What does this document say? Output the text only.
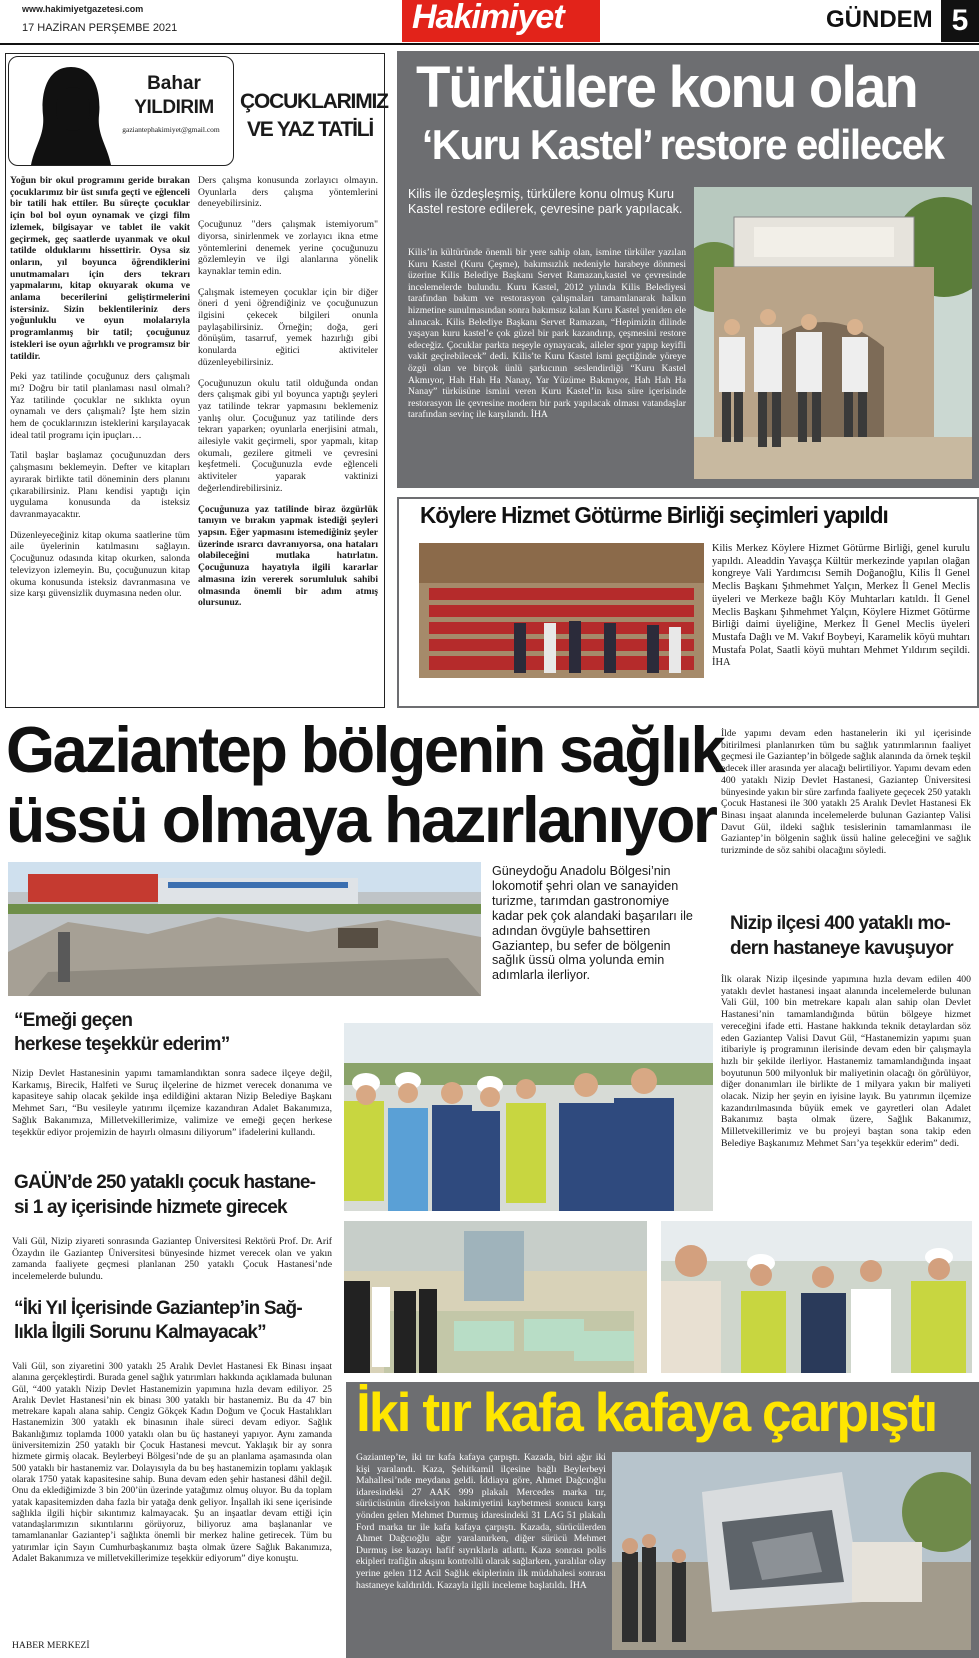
www.hakimiyetgazetesi.com
17 HAZİRAN PERŞEMBE 2021	Hakimiyet	GÜNDEM 5
Bahar
YILDIRIM
gaziantephakimiyet@gmail.com
ÇOCUKLARIMIZ
VE YAZ TATİLİ

Yoğun bir okul programını geride bırakan çocuklarımız bir üst sınıfa geçti ve eğlenceli bir tatili hak ettiler. Bu süreçte çocuklar için bol bol oyun oynamak ve çizgi film izlemek, bilgisayar ve tablet ile vakit geçirmek, geç saatlerde uyanmak ve okul tatilde olduklarını hissettirir. Oysa siz onların, yıl boyunca öğrendiklerini unutmamaları için ders tekrarı yapmalarını, kitap okuyarak okuma ve anlama becerilerini geliştirmelerini istersiniz. Sizin beklentileriniz ders yoğunluklu ve oyun molalarıyla programlanmış bir tatil; çocuğunuz istekleri ise oyun ağırlıklı ve programsız bir tatildir.

Peki yaz tatilinde çocuğunuz ders çalışmalı mı? Doğru bir tatil planlaması nasıl olmalı? Yaz tatilinde çocuklar ne sıklıkta oyun oynamalı ve ders çalışmalı? İşte hem sizin hem de çocuklarınızın isteklerini karşılayacak ideal tatil programı için ipuçları…

Tatil başlar başlamaz çocuğunuzdan ders çalışmasını beklemeyin. Defter ve kitapları ayırarak birlikte tatil döneminin ders planını çıkarabilirsiniz. Planı kendisi yaptığı için uygulama konusunda da isteksiz davranmayacaktır.

Düzenleyeceğiniz kitap okuma saatlerine tüm aile üyelerinin katılmasını sağlayın. Çocuğunuz odasında kitap okurken, salonda televizyon izlemeyin. Bu, çocuğunuzun kitap okuma konusunda isteksiz davranmasına ve size karşı güvensizlik duymasına neden olur.

Ders çalışma konusunda zorlayıcı olmayın. Oyunlarla ders çalışma yöntemlerini deneyebilirsiniz.

Çocuğunuz "ders çalışmak istemiyorum" diyorsa, sinirlenmek ve zorlayıcı ikna etme yöntemlerini denemek yerine çocuğunuzu gözlemleyin ve ilgi alanlarına yönelik kaynaklar temin edin.

Çalışmak istemeyen çocuklar için bir diğer öneri d yeni öğrendiğiniz ve çocuğunuzun ilgisini çekecek bilgileri onunla paylaşabilirsiniz. Örneğin; doğa, geri dönüşüm, tasarruf, yemek hazırlığı gibi konularda eğitici aktiviteler düzenleyebilirsiniz.

Çocuğunuzun okulu tatil olduğunda ondan ders çalışmak gibi yıl boyunca yaptığı şeyleri yaz tatilinde tekrar yapmasını beklemeniz yanlış olur. Çocuğunuz yaz tatilinde ders tekrarı yaparken; oyunlarla enerjisini atmalı, ailesiyle vakit geçirmeli, spor yapmalı, kitap okumalı, gezilere gitmeli ve çevresini keşfetmeli. Çocuğunuzla evde eğlenceli aktiviteler yaparak vaktinizi değerlendirebilirsiniz.

Çocuğunuza yaz tatilinde biraz özgürlük tanıyın ve bırakın yapmak istediği şeyleri yapsın. Eğer yapmasını istemediğiniz şeyler üzerinde ısrarcı davranıyorsa, ona hataları olabileceğini mutlaka hatırlatın. Çocuğunuza hayatıyla ilgili kararlar almasına izin vererek sorumluluk sahibi olmasında önemli bir adım atmış olursunuz.

Türkülere konu olan
‘Kuru Kastel’ restore edilecek
Kilis ile özdeşleşmiş, türkülere konu olmuş Kuru Kastel restore edilerek, çevresine park yapılacak.
Kilis’in kültüründe önemli bir yere sahip olan, ismine türküler yazılan Kuru Kastel (Kuru Çeşme), bakımsızlık nedeniyle harabeye dönmesi üzerine Kilis Belediye Başkanı Servet Ramazan,kastel ve çevresinde incelemelerde bulundu. Kuru Kastel, 2012 yılında Kilis Belediyesi tarafından bakım ve restorasyon çalışmaları tamamlanarak halkın hizmetine sunulmasından sonra bakımsız kalan Kuru Kastel yeniden ele alınacak. Kilis Belediye Başkanı Servet Ramazan, “Hepimizin dilinde yaşayan kuru kastel’e çok güzel bir park kazandırıp, çeşmesini restore edeceğiz. Çocuklar parkta neşeyle oynayacak, aileler spor yapıp keyifli vakit geçirebilecek” dedi. Kilis’te Kuru Kastel ismi geçtiğinde yöreye özgü olan ve birçok ünlü şarkıcının seslendirdiği “Kuru Kastel Akmıyor, Hah Hah Ha Nanay, Yar Yüzüme Bakmıyor, Hah Hah Ha Nanay” türküsüne ismini veren Kuru Kastel’in kısa süre içerisinde restorasyon ile çevresine modern bir park yapılacak olması vatandaşlar tarafından sevinç ile karşılandı. İHA
Köylere Hizmet Götürme Birliği seçimleri yapıldı
Kilis Merkez Köylere Hizmet Götürme Birliği, genel kurulu yapıldı. Aleaddin Yavaşça Kültür merkezinde yapılan olağan kongreye Vali Yardımcısı Semih Doğanoğlu, Kilis İl Genel Meclis Başkanı Şıhmehmet Yalçın, Merkez İl Genel Meclis üyeleri ve Merkeze bağlı Köy Muhtarları katıldı. İl Genel Meclis Başkanı Şıhmehmet Yalçın, Köylere Hizmet Götürme Birliği daimi üyeliğine, Merkez İl Genel Meclis üyeleri Mustafa Dağlı ve M. Vakıf Boybeyi, Karamelik köyü muhtarı Mustafa Polat, Saatli köyü muhtarı Mehmet Yıldırım seçildi. İHA
Gaziantep bölgenin sağlık
üssü olmaya hazırlanıyor
Güneydoğu Anadolu Bölgesi’nin lokomotif şehri olan ve sanayiden turizme, tarımdan gastronomiye kadar pek çok alandaki başarıları ile adından övgüyle bahsettiren Gaziantep, bu sefer de bölgenin sağlık üssü olma yolunda emin adımlarla ilerliyor.
İlde yapımı devam eden hastanelerin iki yıl içerisinde bitirilmesi planlanırken tüm bu sağlık yatırımlarının faaliyet geçmesi ile Gaziantep’in bölgede sağlık alanında da örnek teşkil edecek iller arasında yer alacağı belirtiliyor. Yapımı devam eden 400 yataklı Nizip Devlet Hastanesi, Gaziantep Üniversitesi bünyesinde yakın bir süre zarfında faaliyete geçecek 250 yataklı Çocuk Hastanesi ile 300 yataklı 25 Aralık Devlet Hastanesi Ek Binası inşaat alanında incelemelerde bulunan Gaziantep Valisi Davut Gül, ildeki sağlık tesislerinin tamamlanması ile Gaziantep’in bölgenin sağlık üssü haline geleceğini ve sağlık turizminde de söz sahibi olacağını söyledi.
Nizip ilçesi 400 yataklı mo-
dern hastaneye kavuşuyor
İlk olarak Nizip ilçesinde yapımına hızla devam edilen 400 yataklı devlet hastanesi inşaat alanında incelemelerde bulunan Vali Gül, 100 bin metrekare kapalı alan sahip olan Devlet Hastanesi’nin tamamlandığında bütün bölgeye hizmet vereceğini ifade etti. Hastane hakkında teknik detaylardan söz eden Gaziantep Valisi Davut Gül, “Hastanemizin yapımı şuan itibariyle iş programının ilerisinde devam eden bir çalışmayla hızlı bir şekilde ilerliyor. Hastanemiz tamamlandığında inşaat boyutunun 500 milyonluk bir maliyetinin olacağı ön görülüyor, diğer donanımları ile birlikte de 1 milyara yakın bir maliyeti olacak. Nizip her şeyin en iyisine layık. Bu yatırımın ilçemize kazandırılmasında büyük emek ve gayretleri olan Adalet Bakanımız başta olmak üzere, Sağlık Bakanımız, Milletvekillerimiz ve bu projeyi baştan sona takip eden Belediye Başkanımız Mehmet Sarı’ya teşekkür ederim” dedi.
“Emeği geçen
herkese teşekkür ederim”
Nizip Devlet Hastanesinin yapımı tamamlandıktan sonra sadece ilçeye değil, Karkamış, Birecik, Halfeti ve Suruç ilçelerine de hizmet verecek donanıma ve kapasiteye sahip olacak şekilde inşa edildiğini aktaran Nizip Belediye Başkanı Mehmet Sarı, “Bu vesileyle yatırımı ilçemize kazandıran Adalet Bakanımıza, Sağlık Bakanımıza, Milletvekillerimize, valimize ve emeği geçen herkese teşekkür ediyor projemizin de hayırlı olmasını diliyorum” ifadelerini kullandı.
GAÜN’de 250 yataklı çocuk hastane-
si 1 ay içerisinde hizmete girecek
Vali Gül, Nizip ziyareti sonrasında Gaziantep Üniversitesi Rektörü Prof. Dr. Arif Özaydın ile Gaziantep Üniversitesi bünyesinde hizmet verecek olan ve yakın zamanda faaliyete geçmesi planlanan 250 yataklı Çocuk Hastanesi’nde incelemelerde bulundu.
“İki Yıl İçerisinde Gaziantep’in Sağ-
lıkla İlgili Sorunu Kalmayacak”
Vali Gül, son ziyaretini 300 yataklı 25 Aralık Devlet Hastanesi Ek Binası inşaat alanına gerçekleştirdi. Burada genel sağlık yatırımları hakkında açıklamada bulunan Gül, “400 yataklı Nizip Devlet Hastanemizin yapımına hızla devam ediliyor. 25 Aralık Devlet Hastanesi’nin ek binası 300 yataklı bir hastanemiz. Bu da 47 bin metrekare kapalı alana sahip. Cengiz Gökçek Kadın Doğum ve Çocuk Hastalıkları Hastanemizin 300 yataklı ek binasının ihale süreci devam ediyor. Sağlık Bakanlığımız toplamda 1000 yataklı olan bu üç hastaneyi yapıyor. Aynı zamanda üniversitemizin 250 yataklı bir Çocuk Hastanesi mevcut. Yaklaşık bir ay sonra hizmete girmiş olacak. Beylerbeyi Bölgesi’nde de şu an planlama aşamasında olan 500 yataklı bir hastanemiz var. Dolayısıyla da bu beş hastanemizin toplamı yaklaşık olarak 1750 yatak kapasitesine sahip. Buna devam eden şehir hastanesi dâhil değil. Onu da eklediğimizde 3 bin 200’ün üzerinde yatağımız olmuş oluyor. Bu da toplam yatak kapasitemizden daha fazla bir yatağa denk geliyor. İnşallah iki sene içerisinde sağlıkla ilgili hiçbir sıkıntımız kalmayacak. Şu an inşaatlar devam ettiği için vatandaşlarımızın sıkıntılarını görüyoruz, biliyoruz ama başlananlar ve tamamlananlar Gaziantep’i sağlıkta önemli bir merkez haline getirecek. Tüm bu yatırımlar için Sayın Cumhurbaşkanımız başta olmak üzere Sağlık Bakanımıza, Adalet Bakanımıza ve milletvekillerimize teşekkür ediyorum” diye konuştu.
HABER MERKEZİ
İki tır kafa kafaya çarpıştı
Gaziantep’te, iki tır kafa kafaya çarpıştı. Kazada, biri ağır iki kişi yaralandı. Kaza, Şehitkamil ilçesine bağlı Beylerbeyi Mahallesi’nde meydana geldi. İddiaya göre, Ahmet Dağcıoğlu idaresindeki 27 AAK 999 plakalı Mercedes marka tır, sürücüsünün direksiyon hakimiyetini kaybetmesi sonucu karşı yönden gelen Mehmet Durmuş idaresindeki 31 LAG 51 plakalı Ford marka tır ile kafa kafaya çarpıştı. Kazada, sürücülerden Ahmet Dağcıoğlu ağır yaralanırken, diğer sürücü Mehmet Durmuş ise kazayı hafif sıyrıklarla atlattı. Kaza sonrası polis ekipleri trafiğin akışını kontrollü olarak sağlarken, yaralılar olay yerine gelen 112 Acil Sağlık ekiplerinin ilk müdahalesi sonrası hastaneye kaldırıldı. Kazayla ilgili inceleme başlatıldı. İHA
